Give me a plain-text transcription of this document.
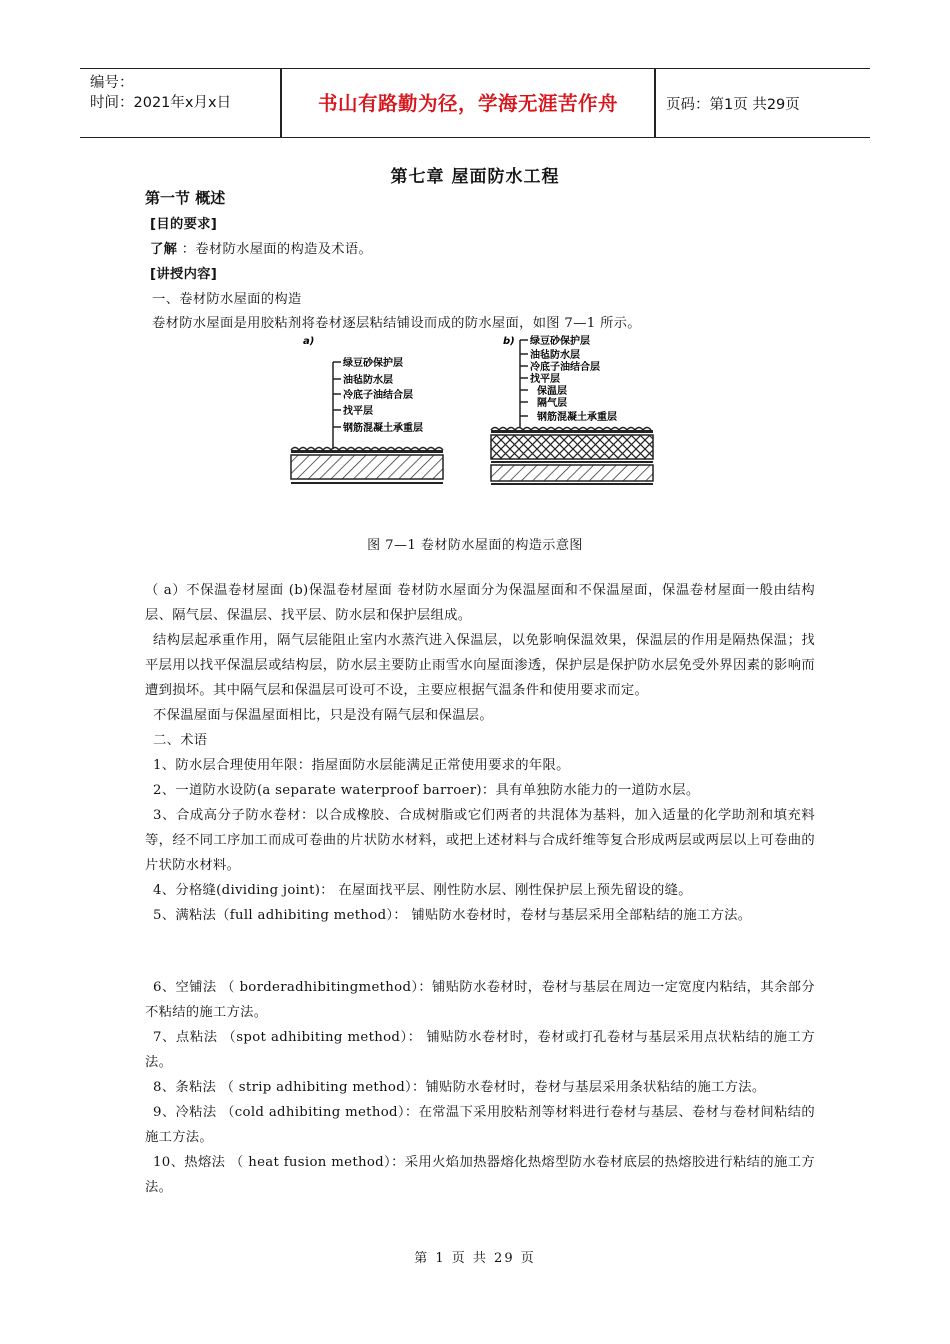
编号：
时间：2021年x月x日	书山有路勤为径，学海无涯苦作舟	页码：第1页 共29页
第七章 屋面防水工程
第一节 概述
[目的要求]
了解 ：卷材防水屋面的构造及术语。
[讲授内容]
一、卷材防水屋面的构造
卷材防水屋面是用胶粘剂将卷材逐层粘结铺设而成的防水屋面，如图 7—1 所示。
a)
绿豆砂保护层
油毡防水层
冷底子油结合层
找平层
钢筋混凝土承重层
b) 绿豆砂保护层
油毡防水层
冷底子油结合层
找平层
保温层
隔气层
钢筋混凝土承重层
图 7—1 卷材防水屋面的构造示意图

（ a）不保温卷材屋面 (b)保温卷材屋面 卷材防水屋面分为保温屋面和不保温屋面，保温卷材屋面一般由结构层、隔气层、保温层、找平层、防水层和保护层组成。

结构层起承重作用，隔气层能阻止室内水蒸汽进入保温层，以免影响保温效果，保温层的作用是隔热保温；找平层用以找平保温层或结构层，防水层主要防止雨雪水向屋面渗透，保护层是保护防水层免受外界因素的影响而遭到损坏。其中隔气层和保温层可设可不设，主要应根据气温条件和使用要求而定。

不保温屋面与保温屋面相比，只是没有隔气层和保温层。

二、术语

1、防水层合理使用年限：指屋面防水层能满足正常使用要求的年限。

2、一道防水设防(a separate waterproof barroer)：具有单独防水能力的一道防水层。

3、合成高分子防水卷材：以合成橡胶、合成树脂或它们两者的共混体为基料，加入适量的化学助剂和填充料等，经不同工序加工而成可卷曲的片状防水材料，或把上述材料与合成纤维等复合形成两层或两层以上可卷曲的片状防水材料。

4、分格缝(dividing joint)： 在屋面找平层、刚性防水层、刚性保护层上预先留设的缝。

5、满粘法（full adhibiting method）： 铺贴防水卷材时，卷材与基层采用全部粘结的施工方法。

6、空铺法 （ borderadhibitingmethod）：铺贴防水卷材时，卷材与基层在周边一定宽度内粘结，其余部分不粘结的施工方法。

7、点粘法 （spot adhibiting method）： 铺贴防水卷材时，卷材或打孔卷材与基层采用点状粘结的施工方法。

8、条粘法 （ strip adhibiting method）：铺贴防水卷材时，卷材与基层采用条状粘结的施工方法。

9、冷粘法 （cold adhibiting method）：在常温下采用胶粘剂等材料进行卷材与基层、卷材与卷材间粘结的施工方法。

10、热熔法 （ heat fusion method）：采用火焰加热器熔化热熔型防水卷材底层的热熔胶进行粘结的施工方法。

第 1 页 共 29 页
